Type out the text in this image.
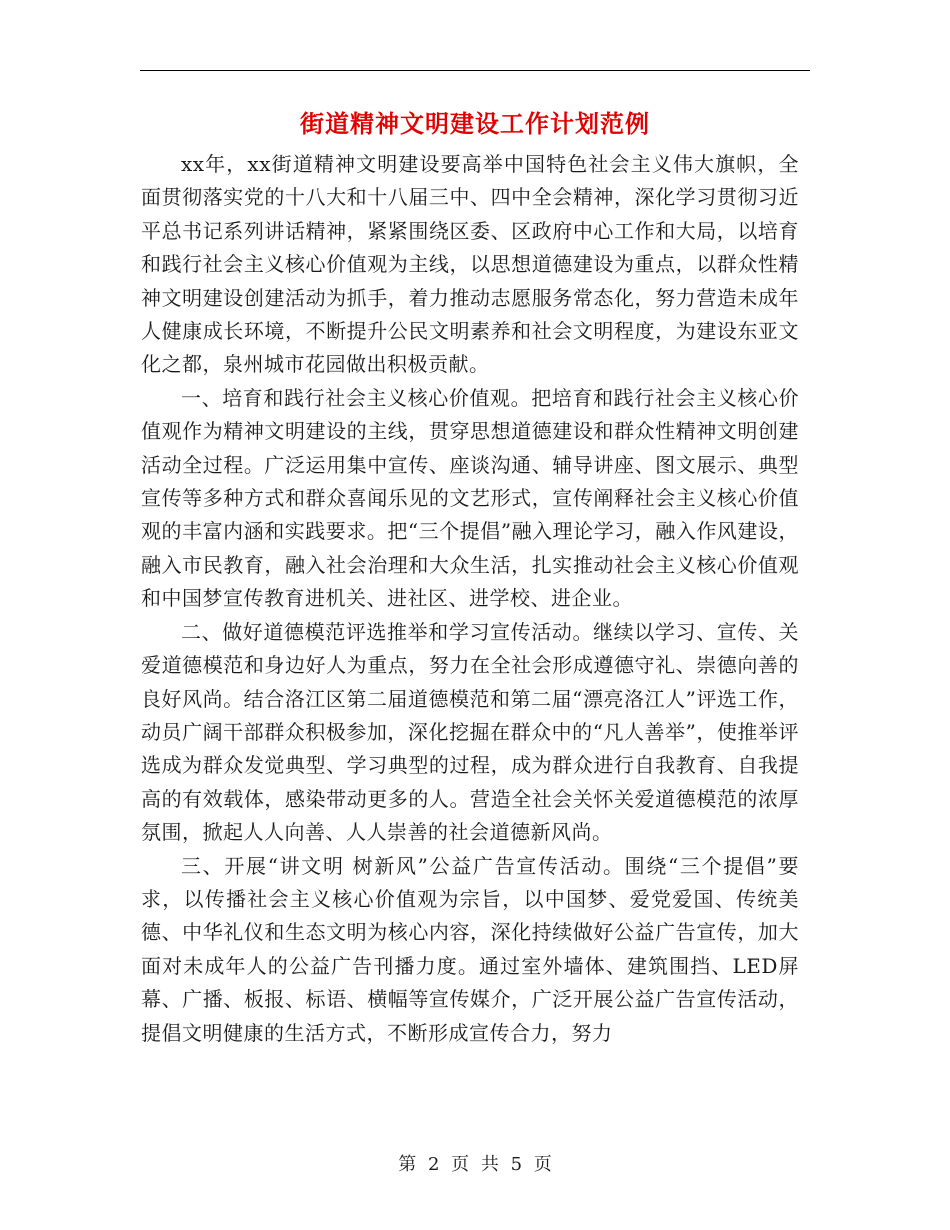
街道精神文明建设工作计划范例

xx年，xx街道精神文明建设要高举中国特色社会主义伟大旗帜，全面贯彻落实党的十八大和十八届三中、四中全会精神，深化学习贯彻习近平总书记系列讲话精神，紧紧围绕区委、区政府中心工作和大局，以培育和践行社会主义核心价值观为主线，以思想道德建设为重点，以群众性精神文明建设创建活动为抓手，着力推动志愿服务常态化，努力营造未成年人健康成长环境，不断提升公民文明素养和社会文明程度，为建设东亚文化之都，泉州城市花园做出积极贡献。

一、培育和践行社会主义核心价值观。把培育和践行社会主义核心价值观作为精神文明建设的主线，贯穿思想道德建设和群众性精神文明创建活动全过程。广泛运用集中宣传、座谈沟通、辅导讲座、图文展示、典型宣传等多种方式和群众喜闻乐见的文艺形式，宣传阐释社会主义核心价值观的丰富内涵和实践要求。把“三个提倡”融入理论学习，融入作风建设，融入市民教育，融入社会治理和大众生活，扎实推动社会主义核心价值观和中国梦宣传教育进机关、进社区、进学校、进企业。

二、做好道德模范评选推举和学习宣传活动。继续以学习、宣传、关爱道德模范和身边好人为重点，努力在全社会形成遵德守礼、崇德向善的良好风尚。结合洛江区第二届道德模范和第二届“漂亮洛江人”评选工作，动员广阔干部群众积极参加，深化挖掘在群众中的“凡人善举”，使推举评选成为群众发觉典型、学习典型的过程，成为群众进行自我教育、自我提高的有效载体，感染带动更多的人。营造全社会关怀关爱道德模范的浓厚氛围，掀起人人向善、人人崇善的社会道德新风尚。

三、开展“讲文明 树新风”公益广告宣传活动。围绕“三个提倡”要求，以传播社会主义核心价值观为宗旨，以中国梦、爱党爱国、传统美德、中华礼仪和生态文明为核心内容，深化持续做好公益广告宣传，加大面对未成年人的公益广告刊播力度。通过室外墙体、建筑围挡、LED屏幕、广播、板报、标语、横幅等宣传媒介，广泛开展公益广告宣传活动，提倡文明健康的生活方式，不断形成宣传合力，努力

第 2 页 共 5 页
